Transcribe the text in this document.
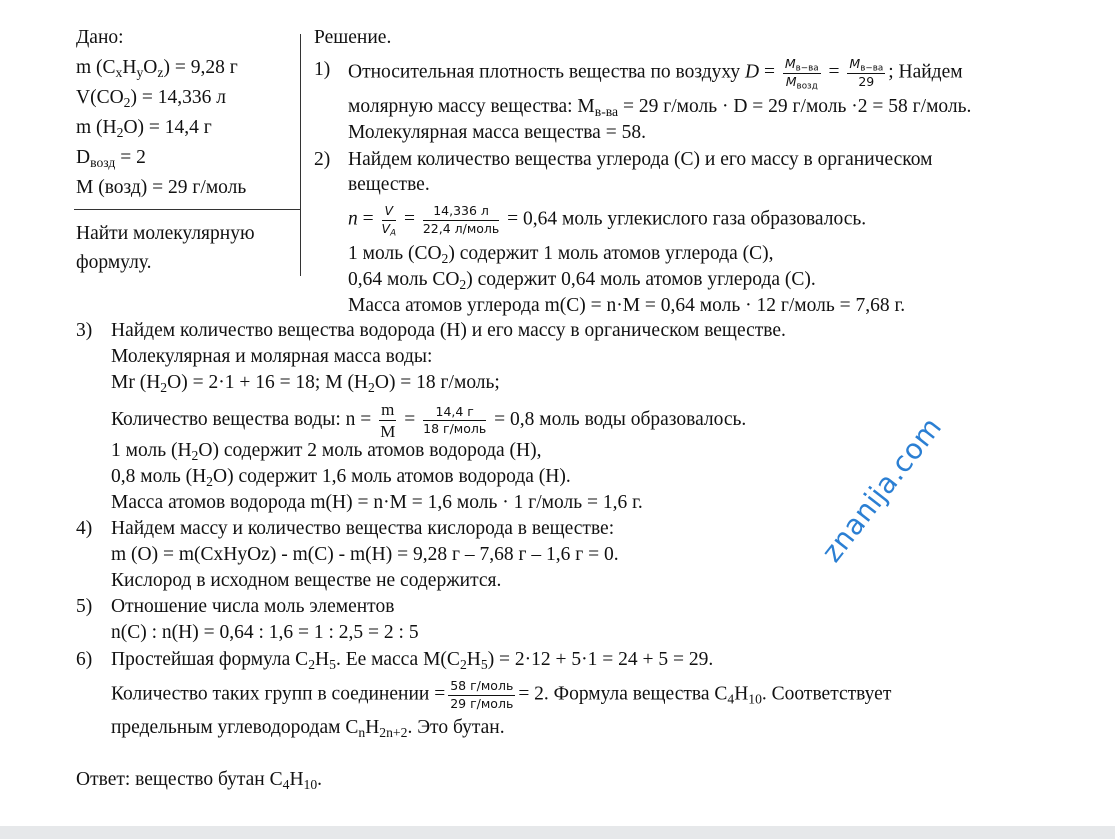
Дано:
m $(C_xH_yO_z) = 9,28$ г
$V(CO_2) = 14,336$ л
m $(H_2O) = 14,4$ г
$D_{возд} = 2$
M (возд) = 29 г/моль
Найти молекулярную
формулу.
Решение.
1) Относительная плотность вещества по воздуху $D = \frac{M_{в-ва}}{M_{возд}} = \frac{M_{в-ва}}{29}$ ; Найдем
молярную массу вещества: $M_{в-ва} = 29$ г/моль · D = 29 г/моль ·2 = 58 г/моль.
Молекулярная масса вещества = 58.
2) Найдем количество вещества углерода (С) и его массу в органическом
веществе.
$n = \frac{V}{V_A} = \frac{14,336 л}{\text{22,4 л/моль}} = 0,64$ моль углекислого газа образовалось.
1 моль $(CO_2)$ содержит 1 моль атомов углерода (С),
0,64 моль $CO_2$) содержит 0,64 моль атомов углерода (С).
Масса атомов углерода m(C) = n·M = 0,64 моль · 12 г/моль = 7,68 г.
3) Найдем количество вещества водорода (Н) и его массу в органическом веществе.
Молекулярная и молярная масса воды:
Mr $(H_2O) = 2\cdot 1 + 16 = 18$; M $(H_2O) = 18$ г/моль;
Количество вещества воды: $n = \frac{m}{M} = \frac{14,4 г}{\text{18 г/моль}} = 0,8$ моль воды образовалось.
1 моль $(H_2O)$ содержит 2 моль атомов водорода (Н),
0,8 моль $(H_2O)$ содержит 1,6 моль атомов водорода (Н).
Масса атомов водорода m(H) = n·M = 1,6 моль · 1 г/моль = 1,6 г.
4) Найдем массу и количество вещества кислорода в веществе:
m (O) = m(CxHyOz) - m(C) - m(H) = 9,28 г – 7,68 г – 1,6 г = 0.
Кислород в исходном веществе не содержится.
5) Отношение числа моль элементов
n(C) : n(H) = 0,64 : 1,6 = 1 : 2,5 = 2 : 5
6) Простейшая формула $C_2H_5$. Ее масса $M(C_2H_5) = 2\cdot 12 + 5\cdot 1 = 24 + 5 = 29$.
Количество таких групп в соединении = $\frac{\text{58 г/моль}}{\text{29 г/моль}} = 2$. Формула вещества $C_4H_{10}$. Соответствует
предельным углеводородам $C_nH_{2n+2}$. Это бутан.
Ответ: вещество бутан $C_4H_{10}$.
znanija.com
